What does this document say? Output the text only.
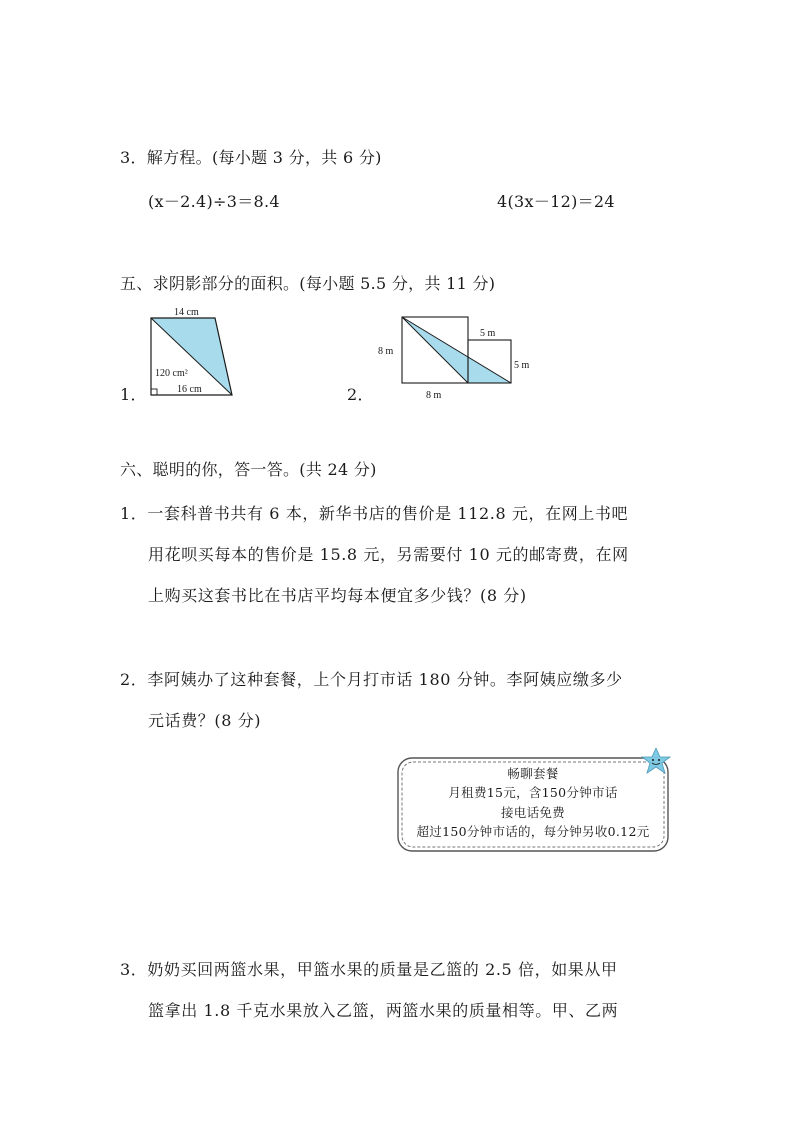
3．解方程。(每小题 3 分，共 6 分)
(x－2.4)÷3＝8.4	4(3x－12)＝24
五、求阴影部分的面积。(每小题 5.5 分，共 11 分)
1．
14 cm
120 cm²
16 cm	2．
8 m
8 m
5 m
5 m
六、聪明的你，答一答。(共 24 分)
1．一套科普书共有 6 本，新华书店的售价是 112.8 元，在网上书吧
用花呗买每本的售价是 15.8 元，另需要付 10 元的邮寄费，在网
上购买这套书比在书店平均每本便宜多少钱？(8 分)
2．李阿姨办了这种套餐，上个月打市话 180 分钟。李阿姨应缴多少
元话费？(8 分)
畅聊套餐
月租费15元，含150分钟市话
接电话免费
超过150分钟市话的，每分钟另收0.12元
3．奶奶买回两篮水果，甲篮水果的质量是乙篮的 2.5 倍，如果从甲
篮拿出 1.8 千克水果放入乙篮，两篮水果的质量相等。甲、乙两
